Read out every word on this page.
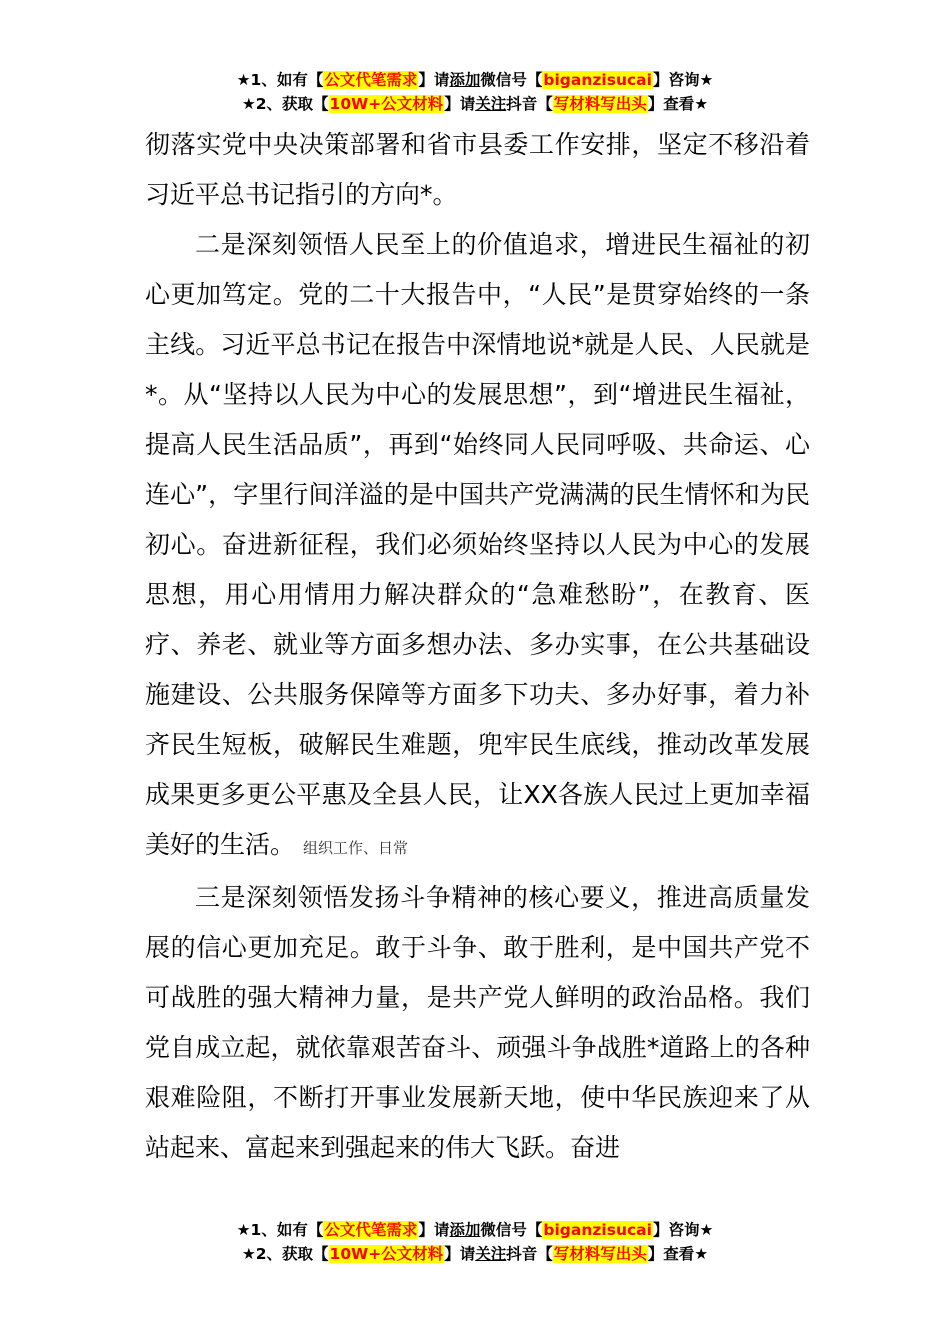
★1、如有【公文代笔需求】请添加微信号【biganzisucai】咨询★
★2、获取【10W+公文材料】请关注抖音【写材料写出头】查看★

彻落实党中央决策部署和省市县委工作安排，坚定不移沿着习近平总书记指引的方向*。

二是深刻领悟人民至上的价值追求，增进民生福祉的初心更加笃定。党的二十大报告中，“人民”是贯穿始终的一条主线。习近平总书记在报告中深情地说*就是人民、人民就是*。从“坚持以人民为中心的发展思想”，到“增进民生福祉，提高人民生活品质”，再到“始终同人民同呼吸、共命运、心连心”，字里行间洋溢的是中国共产党满满的民生情怀和为民初心。奋进新征程，我们必须始终坚持以人民为中心的发展思想，用心用情用力解决群众的“急难愁盼”，在教育、医疗、养老、就业等方面多想办法、多办实事，在公共基础设施建设、公共服务保障等方面多下功夫、多办好事，着力补齐民生短板，破解民生难题，兜牢民生底线，推动改革发展成果更多更公平惠及全县人民，让XX各族人民过上更加幸福美好的生活。 组织工作、日常

三是深刻领悟发扬斗争精神的核心要义，推进高质量发展的信心更加充足。敢于斗争、敢于胜利，是中国共产党不可战胜的强大精神力量，是共产党人鲜明的政治品格。我们党自成立起，就依靠艰苦奋斗、顽强斗争战胜*道路上的各种艰难险阻，不断打开事业发展新天地，使中华民族迎来了从站起来、富起来到强起来的伟大飞跃。奋进

★1、如有【公文代笔需求】请添加微信号【biganzisucai】咨询★
★2、获取【10W+公文材料】请关注抖音【写材料写出头】查看★
